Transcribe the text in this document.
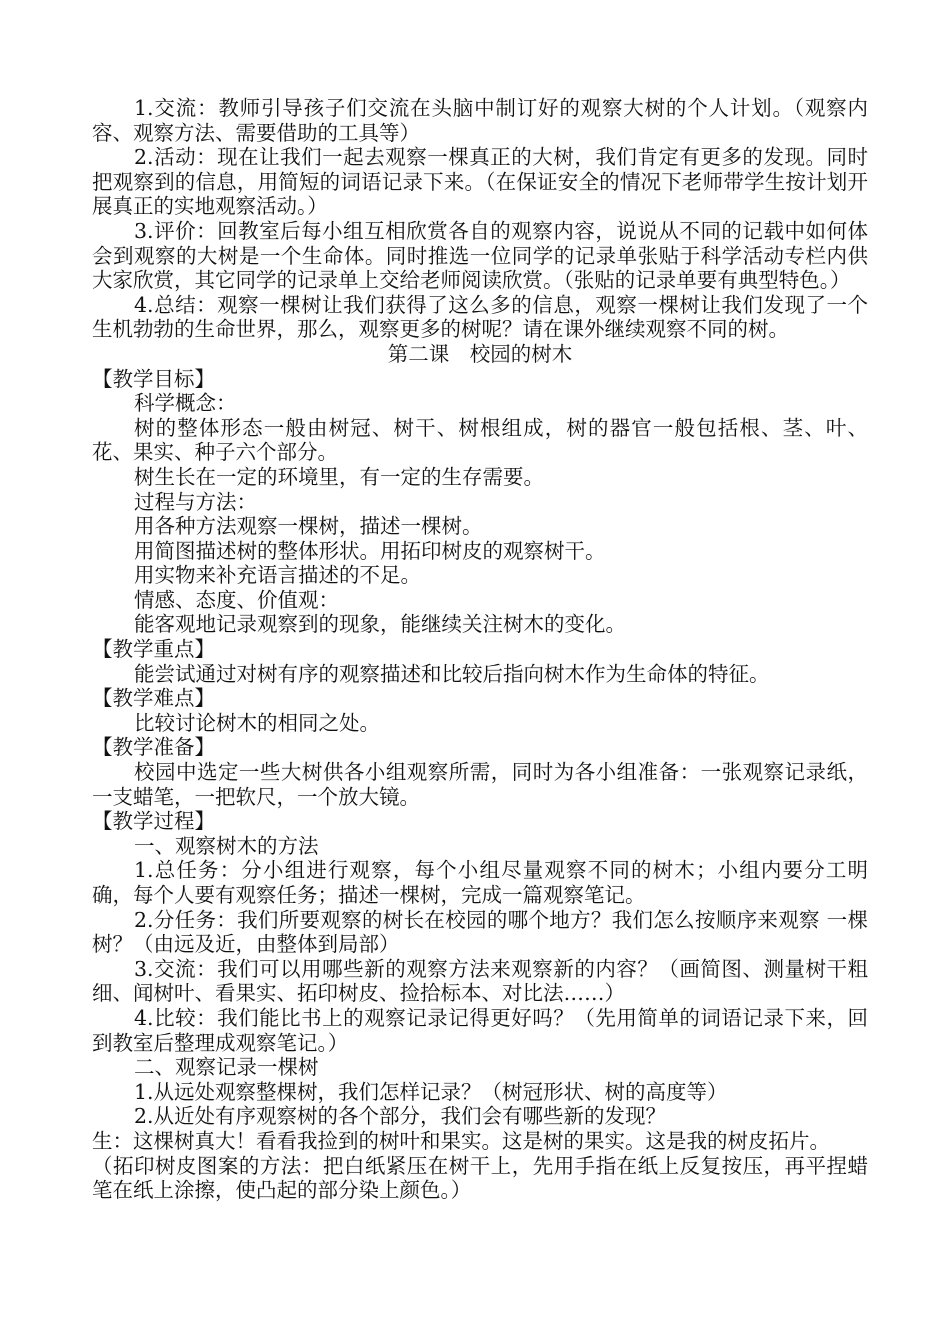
1.交流：教师引导孩子们交流在头脑中制订好的观察大树的个人计划。（观察内容、观察方法、需要借助的工具等）

2.活动：现在让我们一起去观察一棵真正的大树，我们肯定有更多的发现。同时把观察到的信息，用简短的词语记录下来。（在保证安全的情况下老师带学生按计划开展真正的实地观察活动。）

3.评价：回教室后每小组互相欣赏各自的观察内容，说说从不同的记载中如何体会到观察的大树是一个生命体。同时推选一位同学的记录单张贴于科学活动专栏内供大家欣赏，其它同学的记录单上交给老师阅读欣赏。（张贴的记录单要有典型特色。）

4.总结：观察一棵树让我们获得了这么多的信息，观察一棵树让我们发现了一个生机勃勃的生命世界，那么，观察更多的树呢？请在课外继续观察不同的树。

第二课　校园的树木

【教学目标】

科学概念：

树的整体形态一般由树冠、树干、树根组成，树的器官一般包括根、茎、叶、花、果实、种子六个部分。

树生长在一定的环境里，有一定的生存需要。

过程与方法：

用各种方法观察一棵树，描述一棵树。

用简图描述树的整体形状。用拓印树皮的观察树干。

用实物来补充语言描述的不足。

情感、态度、价值观：

能客观地记录观察到的现象，能继续关注树木的变化。

【教学重点】

能尝试通过对树有序的观察描述和比较后指向树木作为生命体的特征。

【教学难点】

比较讨论树木的相同之处。

【教学准备】

校园中选定一些大树供各小组观察所需，同时为各小组准备：一张观察记录纸，一支蜡笔，一把软尺，一个放大镜。

【教学过程】

一、观察树木的方法

1.总任务：分小组进行观察，每个小组尽量观察不同的树木；小组内要分工明确，每个人要有观察任务；描述一棵树，完成一篇观察笔记。

2.分任务：我们所要观察的树长在校园的哪个地方？我们怎么按顺序来观察 一棵树？（由远及近，由整体到局部）

3.交流：我们可以用哪些新的观察方法来观察新的内容？（画简图、测量树干粗细、闻树叶、看果实、拓印树皮、捡拾标本、对比法……）

4.比较：我们能比书上的观察记录记得更好吗？（先用简单的词语记录下来，回到教室后整理成观察笔记。）

二、观察记录一棵树

1.从远处观察整棵树，我们怎样记录？（树冠形状、树的高度等）

2.从近处有序观察树的各个部分，我们会有哪些新的发现？

生：这棵树真大！看看我捡到的树叶和果实。这是树的果实。这是我的树皮拓片。

（拓印树皮图案的方法：把白纸紧压在树干上，先用手指在纸上反复按压，再平捏蜡笔在纸上涂擦，使凸起的部分染上颜色。）
